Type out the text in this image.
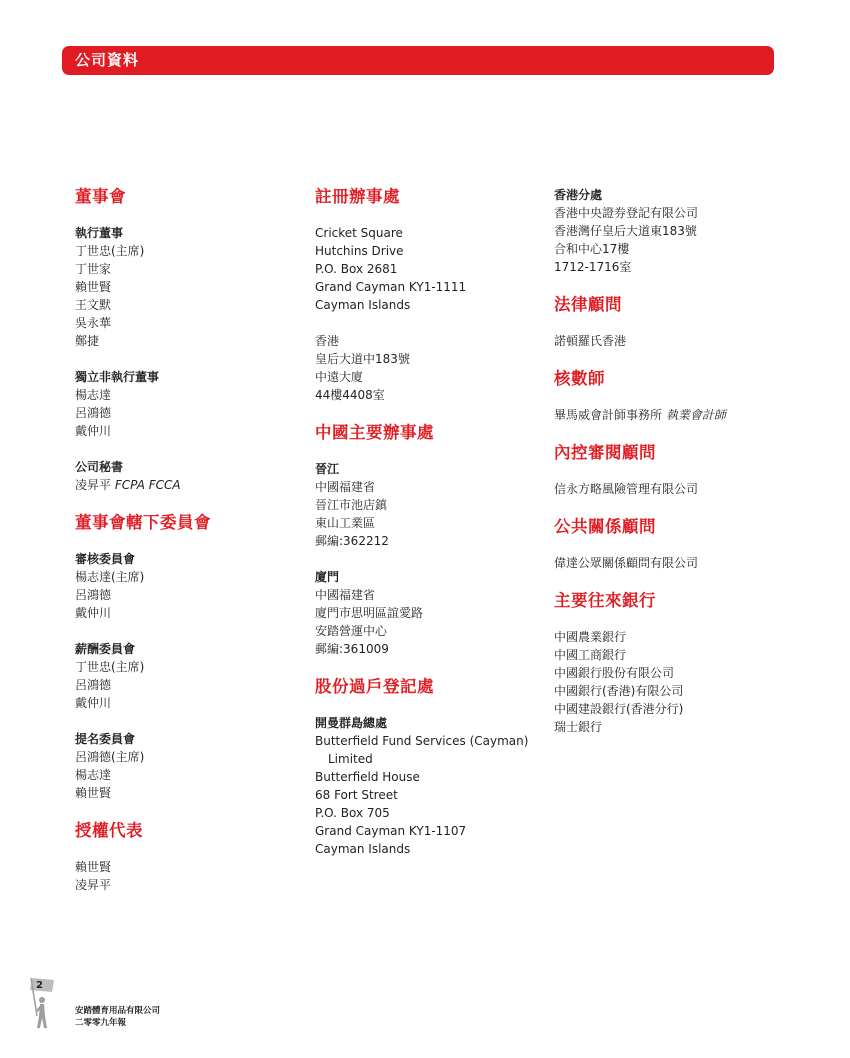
公司資料
董事會
執行董事
丁世忠(主席)
丁世家
賴世賢
王文默
吳永華
鄭捷
獨立非執行董事
楊志達
呂鴻德
戴仲川
公司秘書
凌昇平 FCPA FCCA
董事會轄下委員會
審核委員會
楊志達(主席)
呂鴻德
戴仲川
薪酬委員會
丁世忠(主席)
呂鴻德
戴仲川
提名委員會
呂鴻德(主席)
楊志達
賴世賢
授權代表
賴世賢
凌昇平
註冊辦事處
Cricket Square
Hutchins Drive
P.O. Box 2681
Grand Cayman KY1-1111
Cayman Islands
香港
皇后大道中183號
中遠大廈
44樓4408室
中國主要辦事處
晉江
中國福建省
晉江市池店鎮
東山工業區
郵編:362212
廈門
中國福建省
廈門市思明區誼愛路
安踏營運中心
郵編:361009
股份過戶登記處
開曼群島總處
Butterfield Fund Services (Cayman)
Limited
Butterfield House
68 Fort Street
P.O. Box 705
Grand Cayman KY1-1107
Cayman Islands
香港分處
香港中央證券登記有限公司
香港灣仔皇后大道東183號
合和中心17樓
1712-1716室
法律顧問
諾頓羅氏香港
核數師
畢馬威會計師事務所 執業會計師
內控審閱顧問
信永方略風險管理有限公司
公共關係顧問
偉達公眾關係顧問有限公司
主要往來銀行
中國農業銀行
中國工商銀行
中國銀行股份有限公司
中國銀行(香港)有限公司
中國建設銀行(香港分行)
瑞士銀行
2
安踏體育用品有限公司
二零零九年報
